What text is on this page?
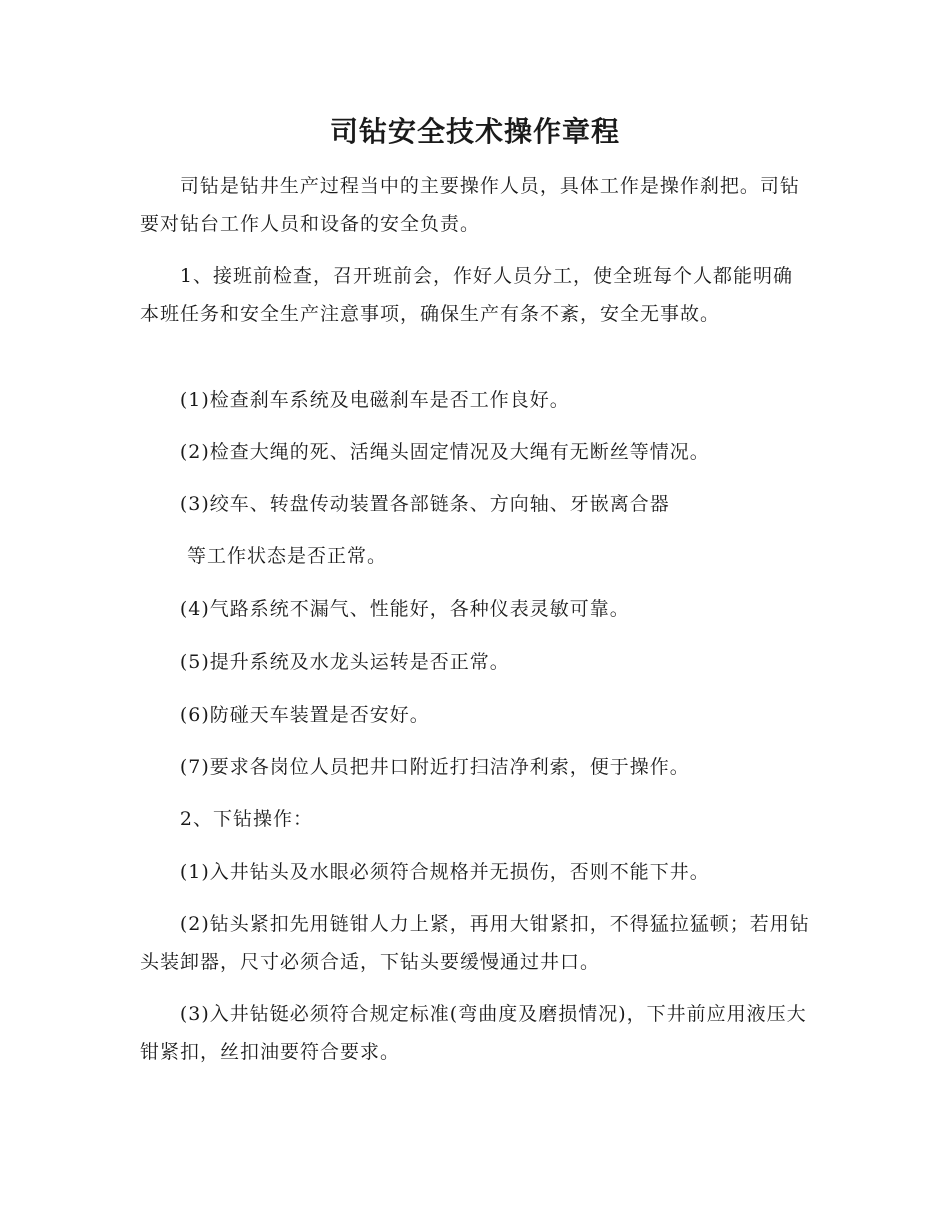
司钻安全技术操作章程

司钻是钻井生产过程当中的主要操作人员，具体工作是操作刹把。司钻要对钻台工作人员和设备的安全负责。

1、接班前检查，召开班前会，作好人员分工，使全班每个人都能明确本班任务和安全生产注意事项，确保生产有条不紊，安全无事故。

(1)检查刹车系统及电磁刹车是否工作良好。

(2)检查大绳的死、活绳头固定情况及大绳有无断丝等情况。

(3)绞车、转盘传动装置各部链条、方向轴、牙嵌离合器

等工作状态是否正常。

(4)气路系统不漏气、性能好，各种仪表灵敏可靠。

(5)提升系统及水龙头运转是否正常。

(6)防碰天车装置是否安好。

(7)要求各岗位人员把井口附近打扫洁净利索，便于操作。

2、下钻操作：

(1)入井钻头及水眼必须符合规格并无损伤，否则不能下井。

(2)钻头紧扣先用链钳人力上紧，再用大钳紧扣，不得猛拉猛顿；若用钻头装卸器，尺寸必须合适，下钻头要缓慢通过井口。

(3)入井钻铤必须符合规定标准(弯曲度及磨损情况)，下井前应用液压大钳紧扣，丝扣油要符合要求。
